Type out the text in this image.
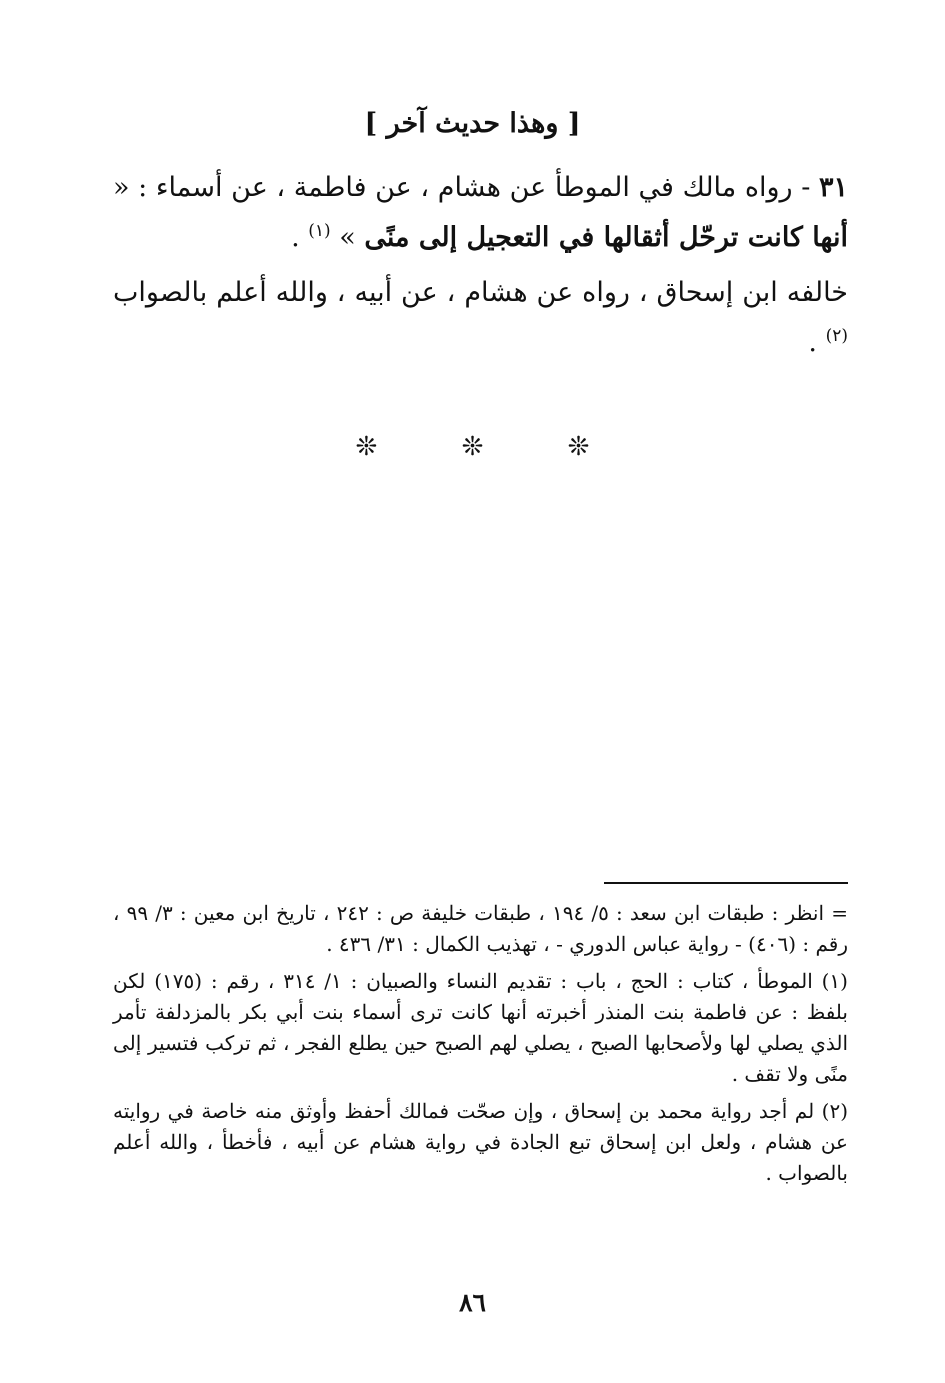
[ وهذا حديث آخر ]

٣١ - رواه مالك في الموطأ عن هشام ، عن فاطمة ، عن أسماء : « أنها كانت ترحّل أثقالها في التعجيل إلى منًى » $^{(١)}$ .

خالفه ابن إسحاق ، رواه عن هشام ، عن أبيه ، والله أعلم بالصواب $^{(٢)}$ .

❊ ❊ ❊

= انظر : طبقات ابن سعد : ٥/ ١٩٤ ، طبقات خليفة ص : ٢٤٢ ، تاريخ ابن معين : ٣/ ٩٩ ، رقم : (٤٠٦) - رواية عباس الدوري - ، تهذيب الكمال : ٣١/ ٤٣٦ .

(١) الموطأ ، كتاب : الحج ، باب : تقديم النساء والصبيان : ١/ ٣١٤ ، رقم : (١٧٥) لكن بلفظ : عن فاطمة بنت المنذر أخبرته أنها كانت ترى أسماء بنت أبي بكر بالمزدلفة تأمر الذي يصلي لها ولأصحابها الصبح ، يصلي لهم الصبح حين يطلع الفجر ، ثم تركب فتسير إلى منًى ولا تقف .

(٢) لم أجد رواية محمد بن إسحاق ، وإن صحّت فمالك أحفظ وأوثق منه خاصة في روايته عن هشام ، ولعل ابن إسحاق تبع الجادة في رواية هشام عن أبيه ، فأخطأ ، والله أعلم بالصواب .

٨٦
